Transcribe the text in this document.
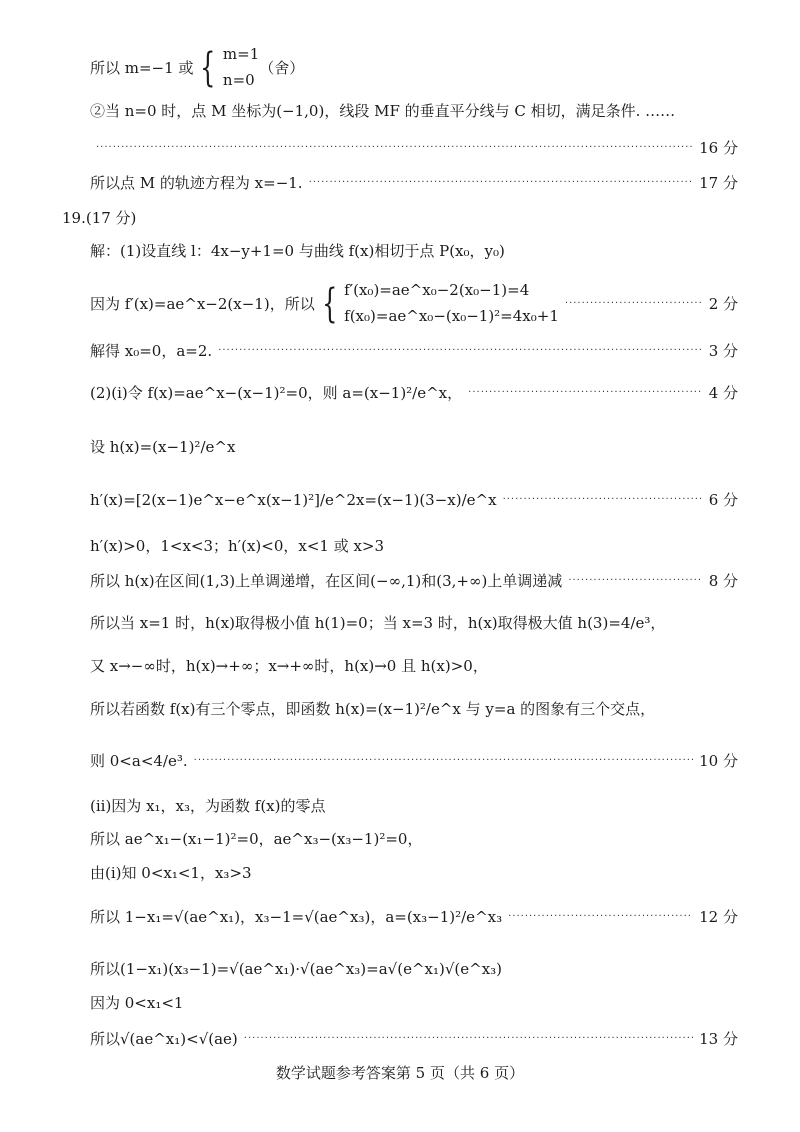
所以 m=−1 或 { m=1
n=0
（舍）
②当 n=0 时，点 M 坐标为(−1,0)，线段 MF 的垂直平分线与 C 相切，满足条件. ……
·····
16 分
所以点 M 的轨迹方程为 x=−1. ·····	17 分
19.(17 分)
解：(1)设直线 l：4x−y+1=0 与曲线 f(x)相切于点 P(x₀，y₀)
因为 f′(x)=ae^x−2(x−1)，所以 { f′(x₀)=ae^x₀−2(x₀−1)=4
f(x₀)=ae^x₀−(x₀−1)²=4x₀+1
·····
2 分
解得 x₀=0，a=2. ·····	3 分
(2)(i)令 f(x)=ae^x−(x−1)²=0，则 a=(x−1)²/e^x， ·····	4 分
设 h(x)=(x−1)²/e^x
h′(x)=[2(x−1)e^x−e^x(x−1)²]/e^2x=(x−1)(3−x)/e^x ·····	6 分
h′(x)>0，1<x<3；h′(x)<0，x<1 或 x>3
所以 h(x)在区间(1,3)上单调递增，在区间(−∞,1)和(3,+∞)上单调递减 ·····	8 分
所以当 x=1 时，h(x)取得极小值 h(1)=0；当 x=3 时，h(x)取得极大值 h(3)=4/e³，
又 x→−∞时，h(x)→+∞；x→+∞时，h(x)→0 且 h(x)>0，
所以若函数 f(x)有三个零点，即函数 h(x)=(x−1)²/e^x 与 y=a 的图象有三个交点，
则 0<a<4/e³. ·····	10 分
(ii)因为 x₁，x₃，为函数 f(x)的零点
所以 ae^x₁−(x₁−1)²=0，ae^x₃−(x₃−1)²=0，
由(i)知 0<x₁<1，x₃>3
所以 1−x₁=√(ae^x₁)，x₃−1=√(ae^x₃)，a=(x₃−1)²/e^x₃ ·····	12 分
所以(1−x₁)(x₃−1)=√(ae^x₁)·√(ae^x₃)=a√(e^x₁)√(e^x₃)
因为 0<x₁<1
所以√(ae^x₁)<√(ae) ·····	13 分
数学试题参考答案第 5 页（共 6 页）
